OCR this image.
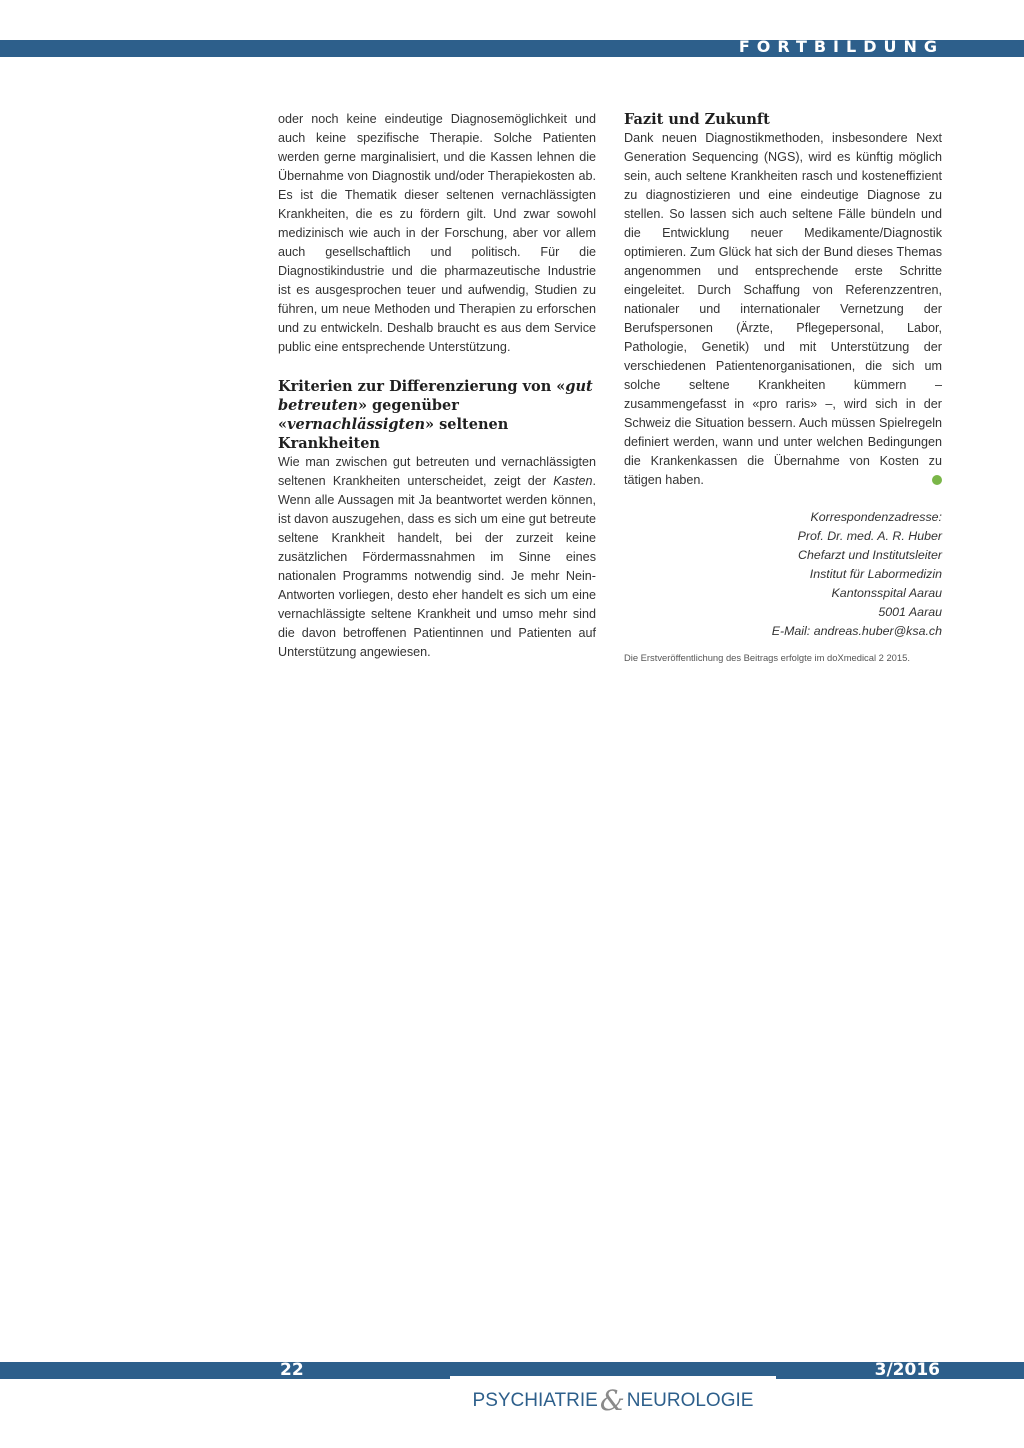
FORTBILDUNG

oder noch keine eindeutige Diagnosemöglichkeit und auch keine spezifische Therapie. Solche Patienten werden gerne marginalisiert, und die Kassen lehnen die Übernahme von Diagnostik und/oder Therapiekosten ab. Es ist die Thematik dieser seltenen vernachlässigten Krankheiten, die es zu fördern gilt. Und zwar sowohl medizinisch wie auch in der Forschung, aber vor allem auch gesellschaftlich und politisch. Für die Diagnostikindustrie und die pharmazeutische Industrie ist es ausgesprochen teuer und aufwendig, Studien zu führen, um neue Methoden und Therapien zu erforschen und zu entwickeln. Deshalb braucht es aus dem Service public eine entsprechende Unterstützung.

Kriterien zur Differenzierung von «gut betreuten» gegenüber «vernachlässigten» seltenen Krankheiten

Wie man zwischen gut betreuten und vernachlässigten seltenen Krankheiten unterscheidet, zeigt der Kasten. Wenn alle Aussagen mit Ja beantwortet werden können, ist davon auszugehen, dass es sich um eine gut betreute seltene Krankheit handelt, bei der zurzeit keine zusätzlichen Fördermassnahmen im Sinne eines nationalen Programms notwendig sind. Je mehr Nein-Antworten vorliegen, desto eher handelt es sich um eine vernachlässigte seltene Krankheit und umso mehr sind die davon betroffenen Patientinnen und Patienten auf Unterstützung angewiesen.

Fazit und Zukunft

Dank neuen Diagnostikmethoden, insbesondere Next Generation Sequencing (NGS), wird es künftig möglich sein, auch seltene Krankheiten rasch und kosteneffizient zu diagnostizieren und eine eindeutige Diagnose zu stellen. So lassen sich auch seltene Fälle bündeln und die Entwicklung neuer Medikamente/Diagnostik optimieren. Zum Glück hat sich der Bund dieses Themas angenommen und entsprechende erste Schritte eingeleitet. Durch Schaffung von Referenzzentren, nationaler und internationaler Vernetzung der Berufspersonen (Ärzte, Pflegepersonal, Labor, Pathologie, Genetik) und mit Unterstützung der verschiedenen Patientenorganisationen, die sich um solche seltene Krankheiten kümmern – zusammengefasst in «pro raris» –, wird sich in der Schweiz die Situation bessern. Auch müssen Spielregeln definiert werden, wann und unter welchen Bedingungen die Krankenkassen die Übernahme von Kosten zu tätigen haben.

Korrespondenzadresse:
Prof. Dr. med. A. R. Huber
Chefarzt und Institutsleiter
Institut für Labormedizin
Kantonsspital Aarau
5001 Aarau
E-Mail: andreas.huber@ksa.ch
Die Erstveröffentlichung des Beitrags erfolgte im doXmedical 2 2015.
22	3/2016
PSYCHIATRIE& NEUROLOGIE
